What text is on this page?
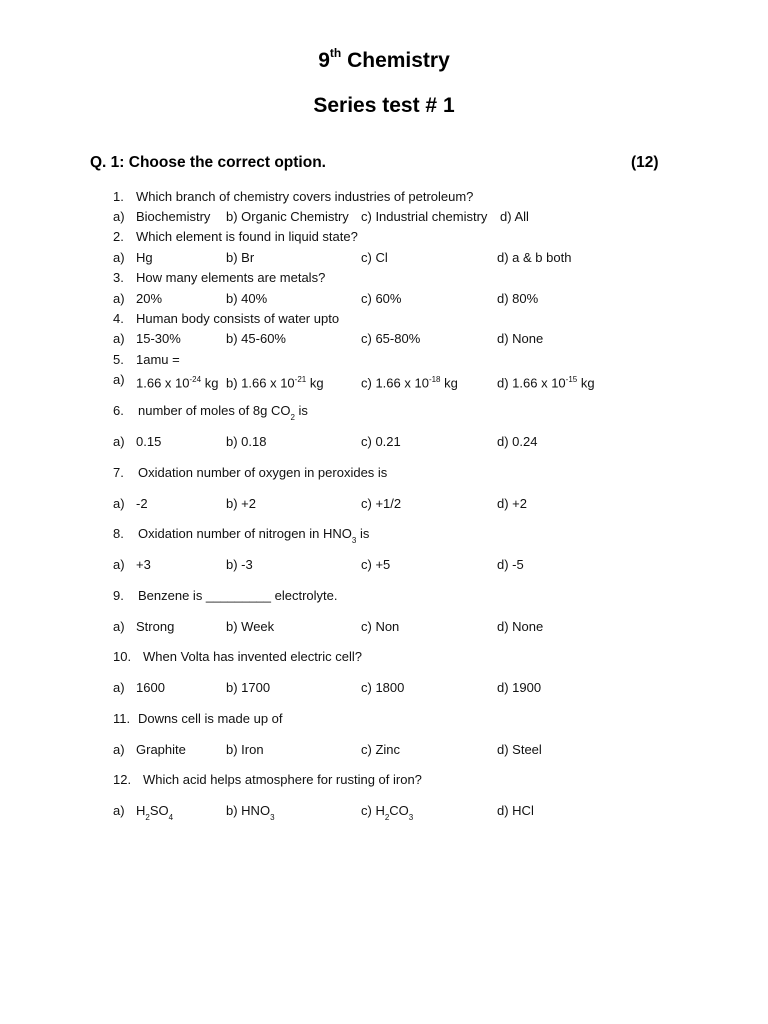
9th Chemistry
Series test # 1
Q. 1: Choose the correct option.	(12)
1. Which branch of chemistry covers industries of petroleum?
a) Biochemistry b) Organic Chemistry c) Industrial chemistry d) All
2. Which element is found in liquid state?
a) Hg	b) Br	c) Cl	d) a & b both
3. How many elements are metals?
a) 20%	b) 40%	c) 60%	d) 80%
4. Human body consists of water upto
a) 15-30%	b) 45-60%	c) 65-80%	d) None
5. 1amu =
a) 1.66 x $10^{-24}$ kg b) 1.66 x $10^{-21}$ kg	c) 1.66 x $10^{-18}$ kg	d) 1.66 x $10^{-15}$ kg
6. number of moles of 8g $CO_2$ is
a) 0.15	b) 0.18	c) 0.21	d) 0.24
7. Oxidation number of oxygen in peroxides is
a) -2	b) +2	c) +1/2	d) +2
8. Oxidation number of nitrogen in $HNO_3$ is
a) +3	b) -3	c) +5	d) -5
9. Benzene is _________ electrolyte.
a) Strong	b) Week	c) Non	d) None
10. When Volta has invented electric cell?
a) 1600	b) 1700	c) 1800	d) 1900
11. Downs cell is made up of
a) Graphite	b) Iron	c) Zinc	d) Steel
12. Which acid helps atmosphere for rusting of iron?
a) $H_2SO_4$	b) $HNO_3$	c) $H_2CO_3$	d) HCl
